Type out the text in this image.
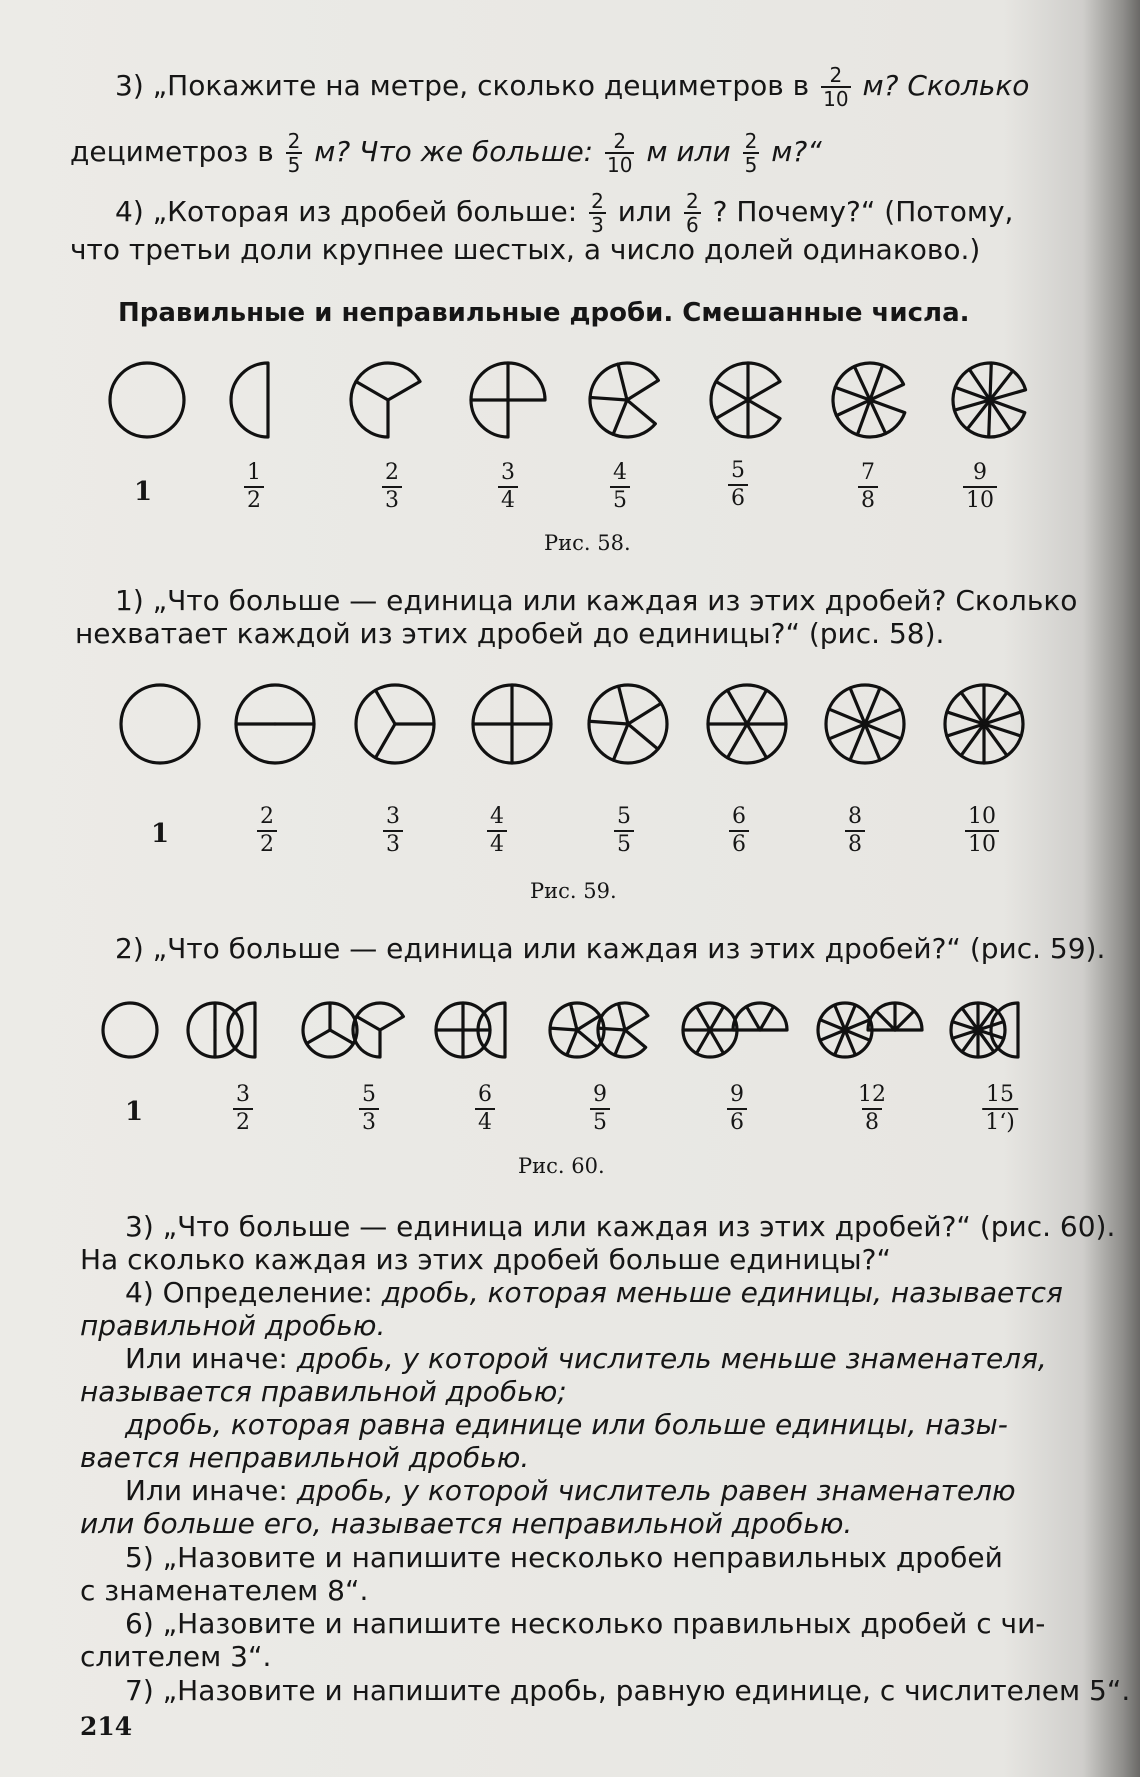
3) „Покажите на метре, сколько дециметров в $\frac{2}{10} м$? Сколько
дециметроз в $\frac{2}{5} м$? Что же больше: $\frac{2}{10}$ м или $\frac{2}{5}$ м?“
4) „Которая из дробей больше: $\frac{2}{3}$ или $\frac{2}{6}$ ? Почему?“ (Потому,
что третьи доли крупнее шестых, а число долей одинаково.)
Правильные и неправильные дроби. Смешанные числа.
1	$\frac{1}{2}$	$\frac{2}{3}$	$\frac{3}{4}$	$\frac{4}{5}$	$\frac{5}{6}$	$\frac{7}{8}$	$\frac{9}{10}$
Рис. 58.
1) „Что больше — единица или каждая из этих дробей? Сколько
нехватает каждой из этих дробей до единицы?“ (рис. 58).
1	$\frac{2}{2}$	$\frac{3}{3}$	$\frac{4}{4}$	$\frac{5}{5}$	$\frac{6}{6}$	$\frac{8}{8}$	$\frac{10}{10}$
Рис. 59.
2) „Что больше — единица или каждая из этих дробей?“ (рис. 59).
1	$\frac{3}{2}$	$\frac{5}{3}$	$\frac{6}{4}$	$\frac{9}{5}$	$\frac{9}{6}$	$\frac{12}{8}$	$\frac{15}{1‘)}$
Рис. 60.
3) „Что больше — единица или каждая из этих дробей?“ (рис. 60).
На сколько каждая из этих дробей больше единицы?“
4) Определение: дробь, которая меньше единицы, называется
правильной дробью.
Или иначе: дробь, у которой числитель меньше знаменателя,
называется правильной дробью;
дробь, которая равна единице или больше единицы, назы-
вается неправильной дробью.
Или иначе: дробь, у которой числитель равен знаменателю
или больше его, называется неправильной дробью.
5) „Назовите и напишите несколько неправильных дробей
с знаменателем 8“.
6) „Назовите и напишите несколько правильных дробей с чи-
слителем 3“.
7) „Назовите и напишите дробь, равную единице, с числителем 5“.
214
